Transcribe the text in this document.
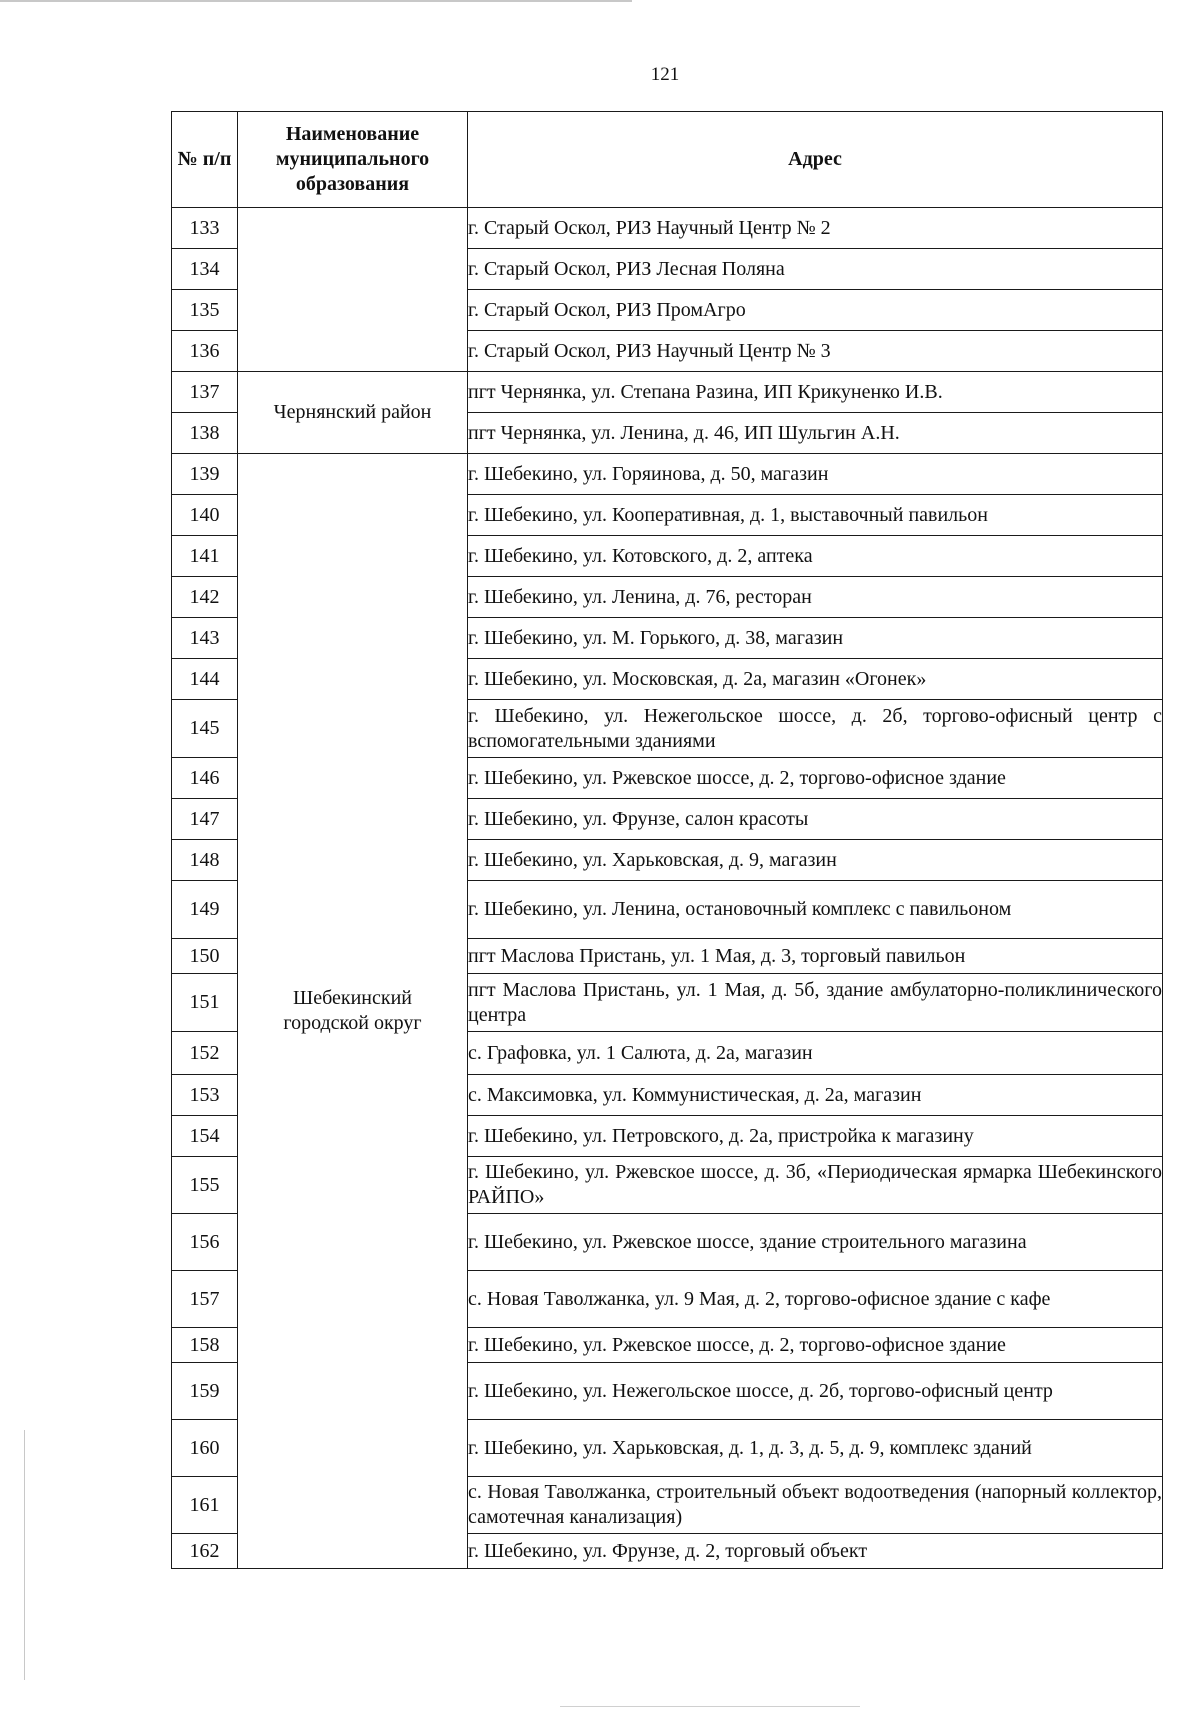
121
№ п/п	Наименование муниципального образования	Адрес
133		г. Старый Оскол, РИЗ Научный Центр № 2
134		г. Старый Оскол, РИЗ Лесная Поляна
135		г. Старый Оскол, РИЗ ПромАгро
136		г. Старый Оскол, РИЗ Научный Центр № 3
137	Чернянский район	пгт Чернянка, ул. Степана Разина, ИП Крикуненко И.В.
138		пгт Чернянка, ул. Ленина, д. 46, ИП Шульгин А.Н.
139	Шебекинский городской округ	г. Шебекино, ул. Горяинова, д. 50, магазин
140		г. Шебекино, ул. Кооперативная, д. 1, выставочный павильон
141		г. Шебекино, ул. Котовского, д. 2, аптека
142		г. Шебекино, ул. Ленина, д. 76, ресторан
143		г. Шебекино, ул. М. Горького, д. 38, магазин
144		г. Шебекино, ул. Московская, д. 2а, магазин «Огонек»
145		г. Шебекино, ул. Нежегольское шоссе, д. 2б, торгово-офисный центр с вспомогательными зданиями
146		г. Шебекино, ул. Ржевское шоссе, д. 2, торгово-офисное здание
147		г. Шебекино, ул. Фрунзе, салон красоты
148		г. Шебекино, ул. Харьковская, д. 9, магазин
149		г. Шебекино, ул. Ленина, остановочный комплекс с павильоном
150		пгт Маслова Пристань, ул. 1 Мая, д. 3, торговый павильон
151		пгт Маслова Пристань, ул. 1 Мая, д. 5б, здание амбулаторно-поликлинического центра
152		с. Графовка, ул. 1 Салюта, д. 2а, магазин
153		с. Максимовка, ул. Коммунистическая, д. 2а, магазин
154		г. Шебекино, ул. Петровского, д. 2а, пристройка к магазину
155		г. Шебекино, ул. Ржевское шоссе, д. 3б, «Периодическая ярмарка Шебекинского РАЙПО»
156		г. Шебекино, ул. Ржевское шоссе, здание строительного магазина
157		с. Новая Таволжанка, ул. 9 Мая, д. 2, торгово-офисное здание с кафе
158		г. Шебекино, ул. Ржевское шоссе, д. 2, торгово-офисное здание
159		г. Шебекино, ул. Нежегольское шоссе, д. 2б, торгово-офисный центр
160		г. Шебекино, ул. Харьковская, д. 1, д. 3, д. 5, д. 9, комплекс зданий
161		с. Новая Таволжанка, строительный объект водоотведения (напорный коллектор, самотечная канализация)
162		г. Шебекино, ул. Фрунзе, д. 2, торговый объект
